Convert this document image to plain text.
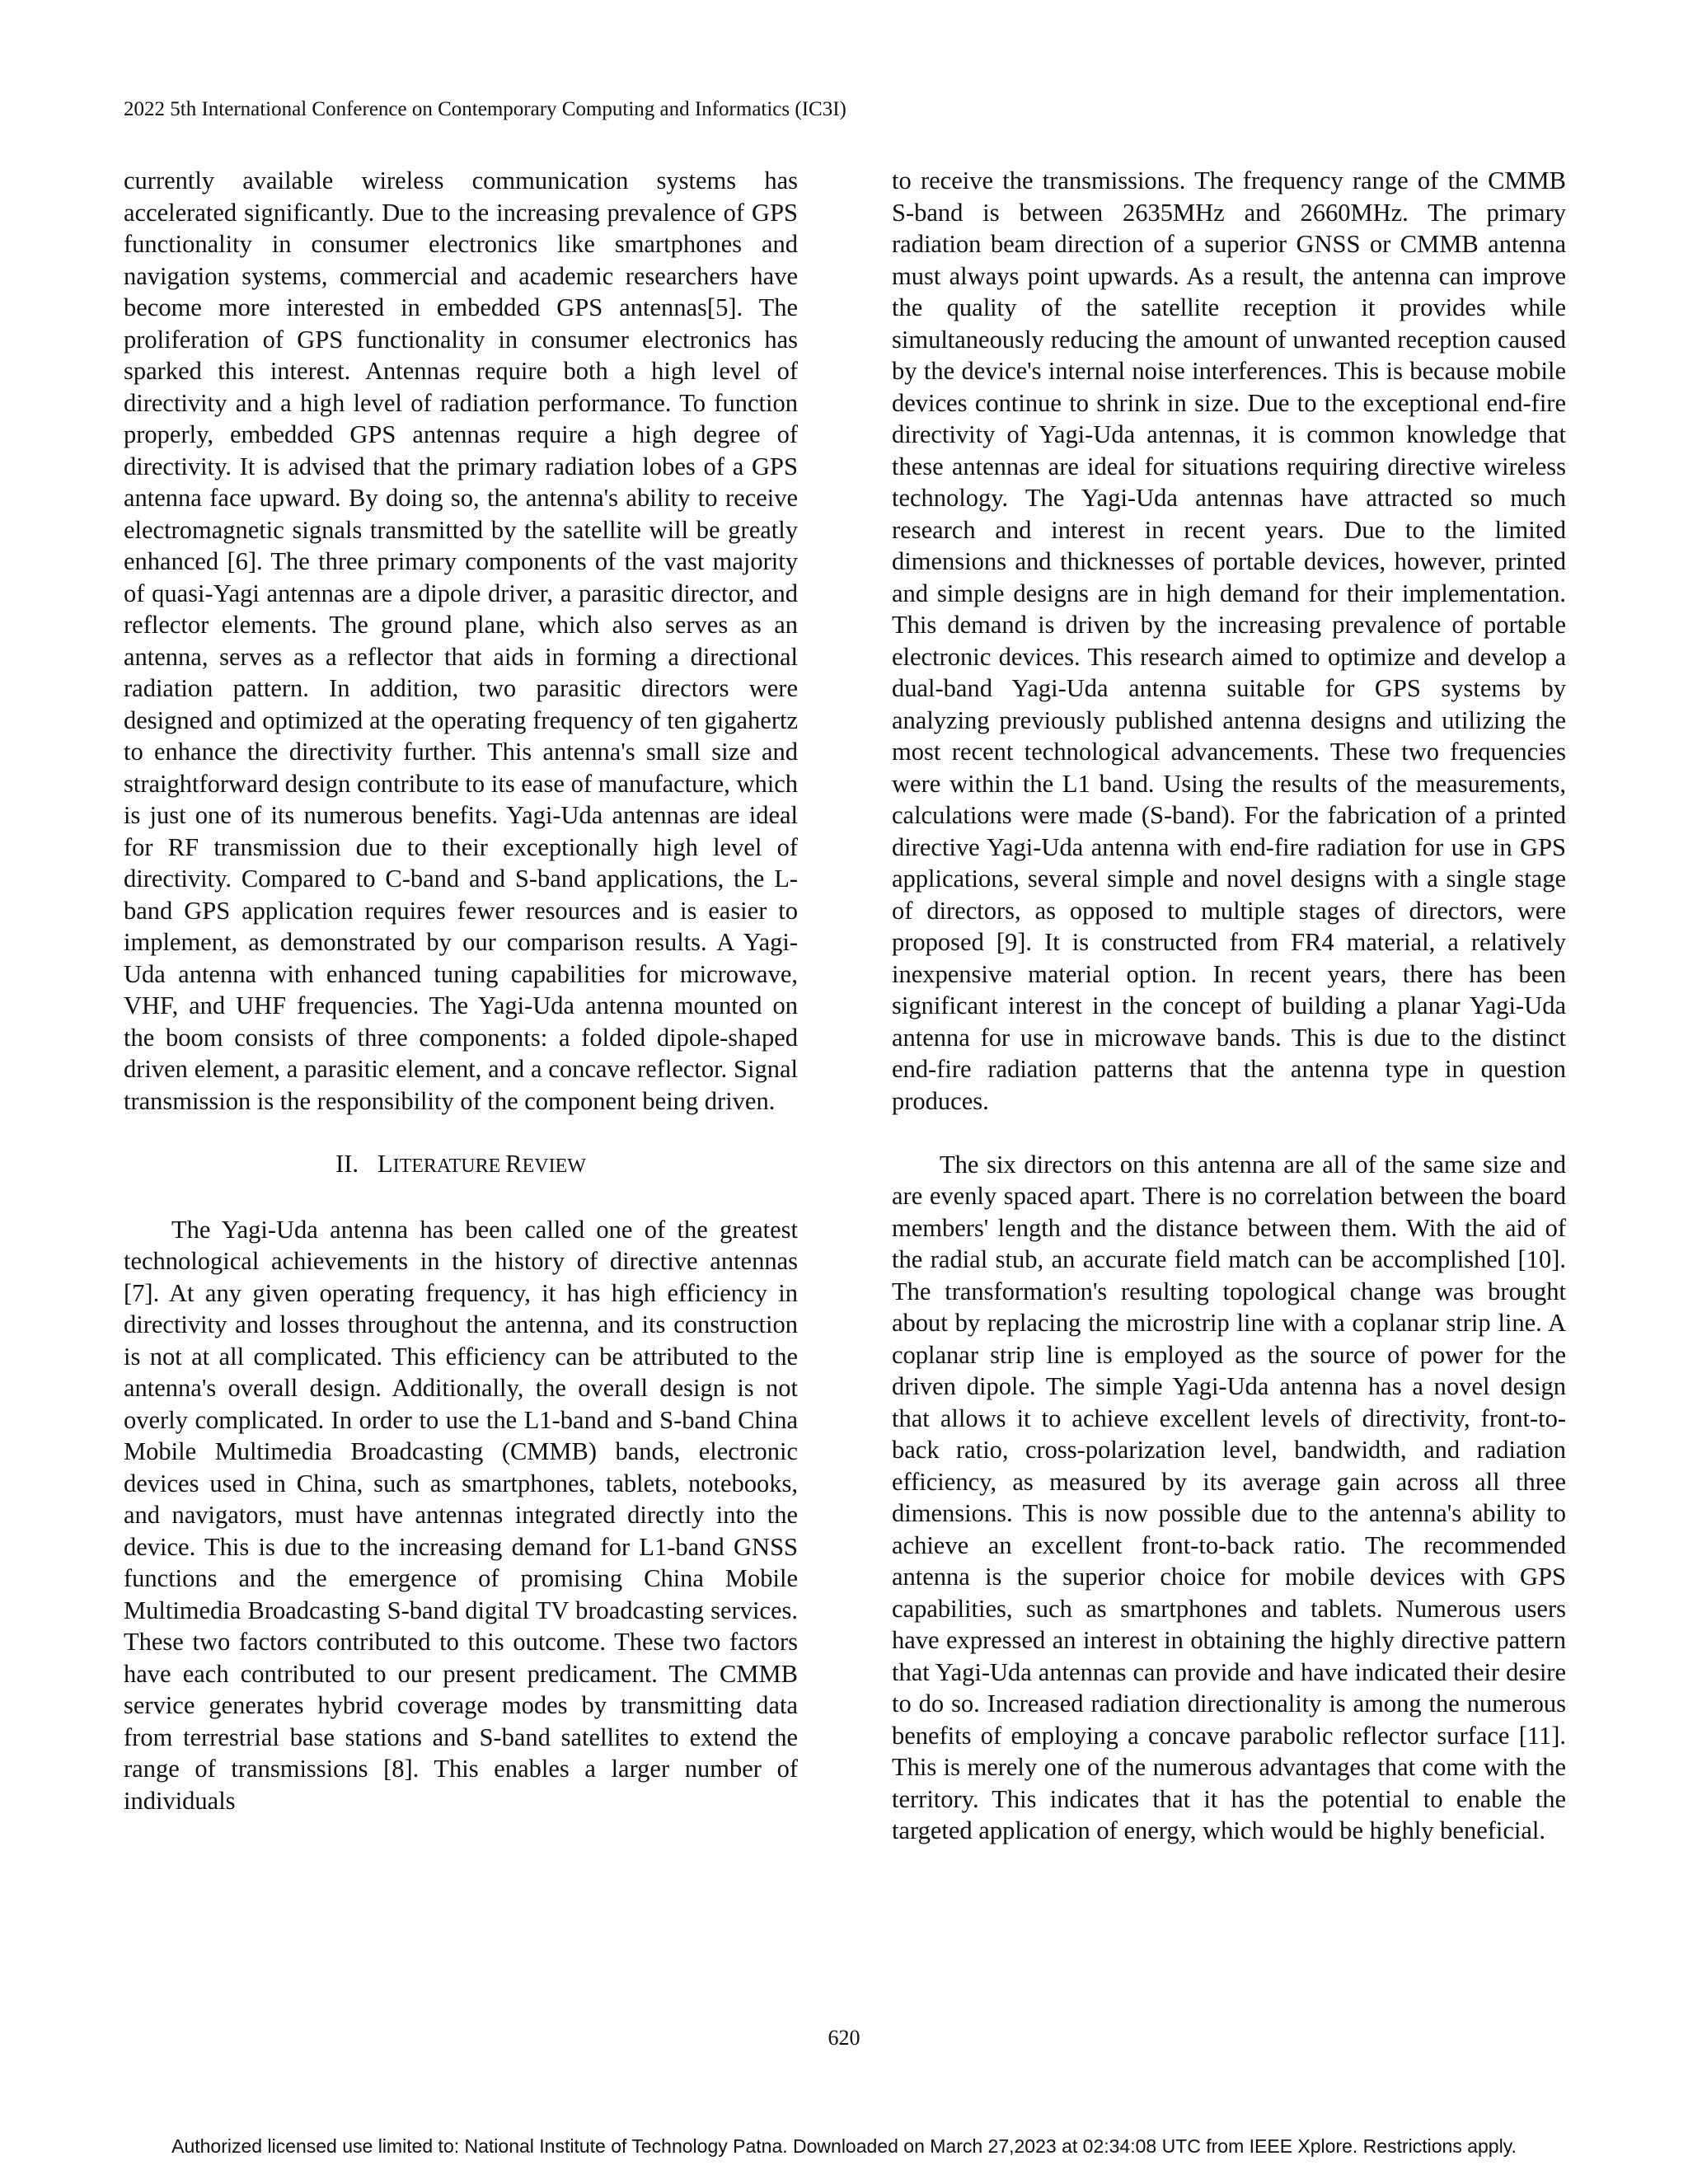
2022 5th International Conference on Contemporary Computing and Informatics (IC3I)

currently available wireless communication systems has accelerated significantly. Due to the increasing prevalence of GPS functionality in consumer electronics like smartphones and navigation systems, commercial and academic researchers have become more interested in embedded GPS antennas[5]. The proliferation of GPS functionality in consumer electronics has sparked this interest. Antennas require both a high level of directivity and a high level of radiation performance. To function properly, embedded GPS antennas require a high degree of directivity. It is advised that the primary radiation lobes of a GPS antenna face upward. By doing so, the antenna's ability to receive electromagnetic signals transmitted by the satellite will be greatly enhanced [6]. The three primary components of the vast majority of quasi-Yagi antennas are a dipole driver, a parasitic director, and reflector elements. The ground plane, which also serves as an antenna, serves as a reflector that aids in forming a directional radiation pattern. In addition, two parasitic directors were designed and optimized at the operating frequency of ten gigahertz to enhance the directivity further. This antenna's small size and straightforward design contribute to its ease of manufacture, which is just one of its numerous benefits. Yagi-Uda antennas are ideal for RF transmission due to their exceptionally high level of directivity. Compared to C-band and S-band applications, the L-band GPS application requires fewer resources and is easier to implement, as demonstrated by our comparison results. A Yagi-Uda antenna with enhanced tuning capabilities for microwave, VHF, and UHF frequencies. The Yagi-Uda antenna mounted on the boom consists of three components: a folded dipole-shaped driven element, a parasitic element, and a concave reflector. Signal transmission is the responsibility of the component being driven.

II. LITERATURE REVIEW

The Yagi-Uda antenna has been called one of the greatest technological achievements in the history of directive antennas [7]. At any given operating frequency, it has high efficiency in directivity and losses throughout the antenna, and its construction is not at all complicated. This efficiency can be attributed to the antenna's overall design. Additionally, the overall design is not overly complicated. In order to use the L1-band and S-band China Mobile Multimedia Broadcasting (CMMB) bands, electronic devices used in China, such as smartphones, tablets, notebooks, and navigators, must have antennas integrated directly into the device. This is due to the increasing demand for L1-band GNSS functions and the emergence of promising China Mobile Multimedia Broadcasting S-band digital TV broadcasting services. These two factors contributed to this outcome. These two factors have each contributed to our present predicament. The CMMB service generates hybrid coverage modes by transmitting data from terrestrial base stations and S-band satellites to extend the range of transmissions [8]. This enables a larger number of individuals

to receive the transmissions. The frequency range of the CMMB S-band is between 2635MHz and 2660MHz. The primary radiation beam direction of a superior GNSS or CMMB antenna must always point upwards. As a result, the antenna can improve the quality of the satellite reception it provides while simultaneously reducing the amount of unwanted reception caused by the device's internal noise interferences. This is because mobile devices continue to shrink in size. Due to the exceptional end-fire directivity of Yagi-Uda antennas, it is common knowledge that these antennas are ideal for situations requiring directive wireless technology. The Yagi-Uda antennas have attracted so much research and interest in recent years. Due to the limited dimensions and thicknesses of portable devices, however, printed and simple designs are in high demand for their implementation. This demand is driven by the increasing prevalence of portable electronic devices. This research aimed to optimize and develop a dual-band Yagi-Uda antenna suitable for GPS systems by analyzing previously published antenna designs and utilizing the most recent technological advancements. These two frequencies were within the L1 band. Using the results of the measurements, calculations were made (S-band). For the fabrication of a printed directive Yagi-Uda antenna with end-fire radiation for use in GPS applications, several simple and novel designs with a single stage of directors, as opposed to multiple stages of directors, were proposed [9]. It is constructed from FR4 material, a relatively inexpensive material option. In recent years, there has been significant interest in the concept of building a planar Yagi-Uda antenna for use in microwave bands. This is due to the distinct end-fire radiation patterns that the antenna type in question produces.

The six directors on this antenna are all of the same size and are evenly spaced apart. There is no correlation between the board members' length and the distance between them. With the aid of the radial stub, an accurate field match can be accomplished [10]. The transformation's resulting topological change was brought about by replacing the microstrip line with a coplanar strip line. A coplanar strip line is employed as the source of power for the driven dipole. The simple Yagi-Uda antenna has a novel design that allows it to achieve excellent levels of directivity, front-to-back ratio, cross-polarization level, bandwidth, and radiation efficiency, as measured by its average gain across all three dimensions. This is now possible due to the antenna's ability to achieve an excellent front-to-back ratio. The recommended antenna is the superior choice for mobile devices with GPS capabilities, such as smartphones and tablets. Numerous users have expressed an interest in obtaining the highly directive pattern that Yagi-Uda antennas can provide and have indicated their desire to do so. Increased radiation directionality is among the numerous benefits of employing a concave parabolic reflector surface [11]. This is merely one of the numerous advantages that come with the territory. This indicates that it has the potential to enable the targeted application of energy, which would be highly beneficial.

620
Authorized licensed use limited to: National Institute of Technology Patna. Downloaded on March 27,2023 at 02:34:08 UTC from IEEE Xplore. Restrictions apply.
